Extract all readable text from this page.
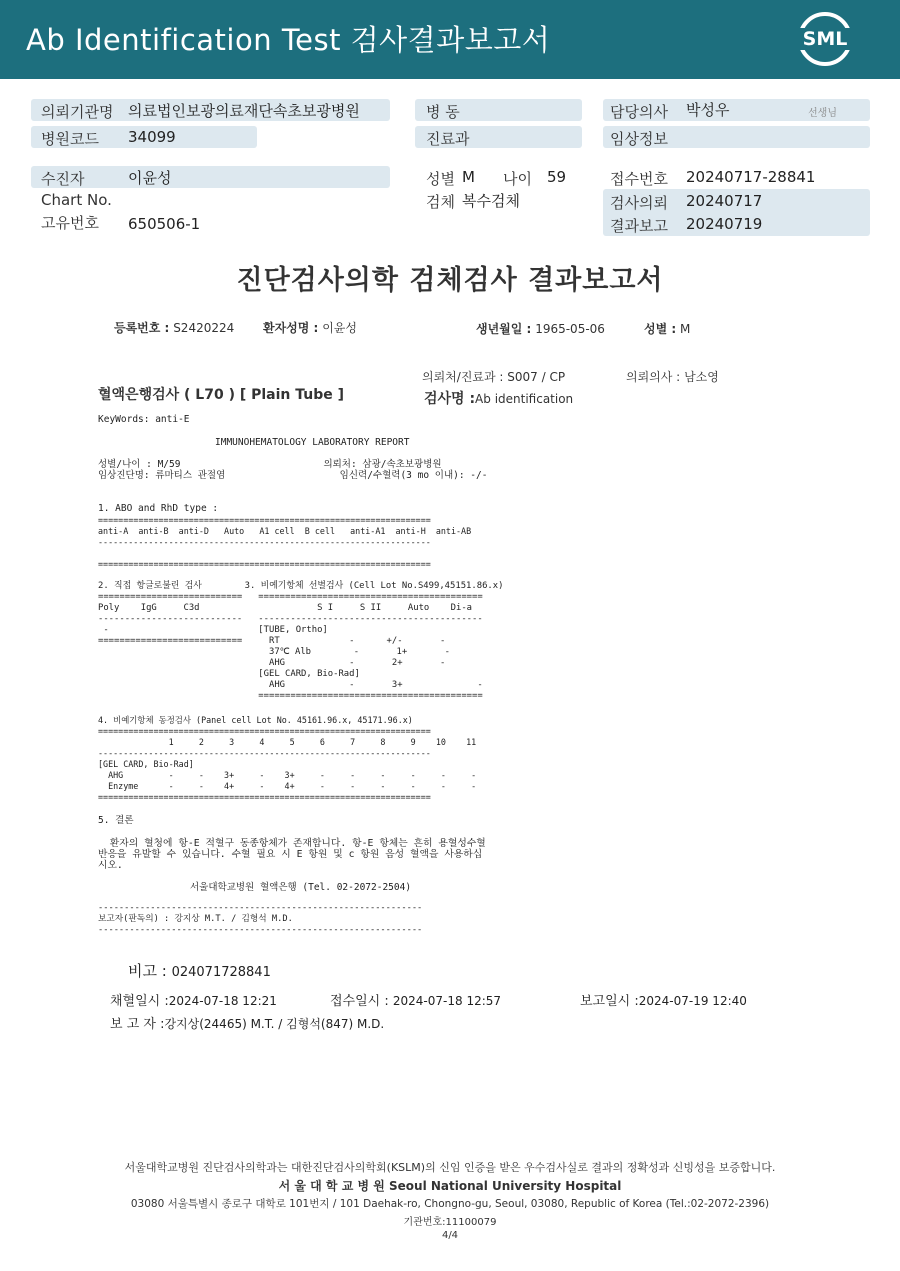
Ab Identification Test 검사결과보고서	SML
의뢰기관명 의료법인보광의료재단속초보광병원
병원코드 34099
수진자	이윤성
Chart No.
고유번호 650506-1
병 동
진료과
성별 M 나이 59
검체 복수검체
담당의사 박성우	선생님
임상정보
접수번호 20240717-28841
검사의뢰 20240717
결과보고 20240719
진단검사의학 검체검사 결과보고서
등록번호 : S2420224 환자성명 : 이윤성	생년월일 : 1965-05-06	성별 : M
의뢰처/진료과 : S007 / CP	의뢰의사 : 남소영
혈액은행검사 ( L70 ) [ Plain Tube ]	검사명 :Ab identification
KeyWords: anti-E
IMMUNOHEMATOLOGY LABORATORY REPORT
성별/나이 : M/59                         의뢰처: 삼광/속초보광병원
임상진단명: 류마티스 관절염                    임신력/수혈력(3 mo 이내): -/-
1. ABO and RhD type :
==================================================================
anti-A  anti-B  anti-D   Auto   A1 cell  B cell   anti-A1  anti-H  anti-AB
------------------------------------------------------------------

==================================================================
2. 직접 항글로불린 검사        3. 비예기항체 선별검사 (Cell Lot No.S499,45151.86.x)
===========================   ==========================================
Poly    IgG     C3d                      S I     S II     Auto    Di-a
---------------------------   ------------------------------------------
-                            [TUBE, Ortho]
===========================     RT             -      +/-       -
37℃ Alb        -       1+       -
AHG            -       2+       -
[GEL CARD, Bio-Rad]
AHG            -       3+              -
==========================================
4. 비예기항체 동정검사 (Panel cell Lot No. 45161.96.x, 45171.96.x)
==================================================================
1     2     3     4     5     6     7     8     9    10    11
------------------------------------------------------------------
[GEL CARD, Bio-Rad]
AHG         -     -    3+     -    3+     -     -     -     -     -     -
Enzyme      -     -    4+     -    4+     -     -     -     -     -     -
==================================================================
5. 결론
환자의 혈청에 항-E 적혈구 동종항체가 존재합니다. 항-E 항체는 흔히 용혈성수혈
반응을 유발할 수 있습니다. 수혈 필요 시 E 항원 및 c 항원 음성 혈액을 사용하십
시오.
서울대학교병원 혈액은행 (Tel. 02-2072-2504)
--------------------------------------------------------------
보고자(판독의) : 강지상 M.T. / 김형석 M.D.
--------------------------------------------------------------
비고 : 024071728841
채혈일시 :2024-07-18 12:21	접수일시 : 2024-07-18 12:57	보고일시 :2024-07-19 12:40
보 고 자 :강지상(24465) M.T. / 김형석(847) M.D.
서울대학교병원 진단검사의학과는 대한진단검사의학회(KSLM)의 신임 인증을 받은 우수검사실로 결과의 정확성과 신빙성을 보증합니다.
서 울 대 학 교 병 원 Seoul National University Hospital
03080 서울특별시 종로구 대학로 101번지 / 101 Daehak-ro, Chongno-gu, Seoul, 03080, Republic of Korea (Tel.:02-2072-2396)
기관번호:11100079
4/4
